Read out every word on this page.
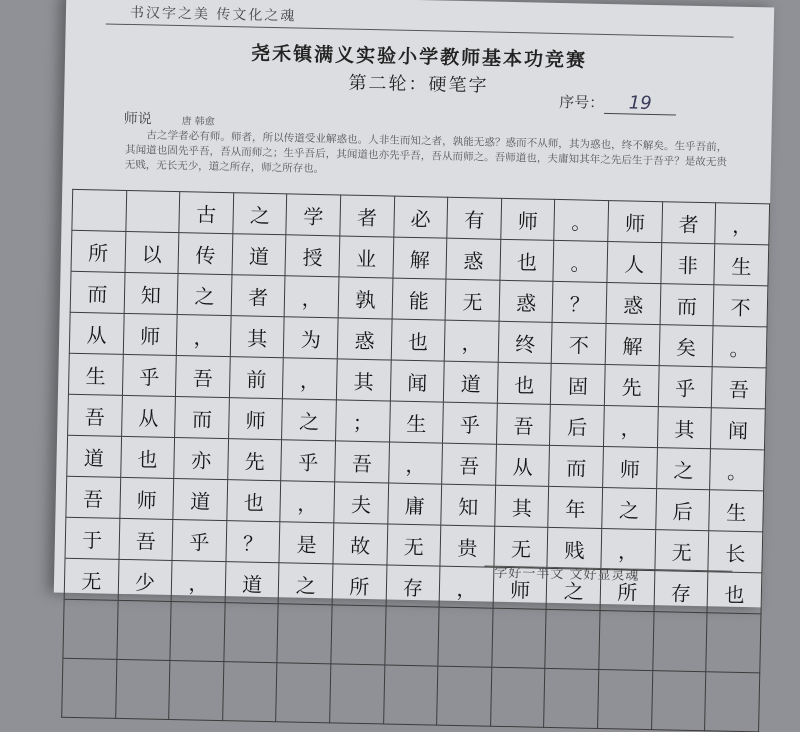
书汉字之美 传文化之魂
尧禾镇满义实验小学教师基本功竞赛
第二轮：硬笔字
序号： 19
师说	唐 韩愈
古之学者必有师。师者，所以传道受业解惑也。人非生而知之者，孰能无惑？惑而不从师，其为惑也，终不解矣。生乎吾前，其闻道也固先乎吾，吾从而师之；生乎吾后，其闻道也亦先乎吾，吾从而师之。吾师道也，夫庸知其年之先后生于吾乎？是故无贵无贱，无长无少，道之所存，师之所存也。

		古	之	学	者	必	有	师	。	师	者	，

所	以	传	道	授	业	解	惑	也	。	人	非	生

而	知	之	者	，	孰	能	无	惑	？	惑	而	不

从	师	，	其	为	惑	也	，	终	不	解	矣	。

生	乎	吾	前	，	其	闻	道	也	固	先	乎	吾

吾	从	而	师	之	；	生	乎	吾	后	，	其	闻

道	也	亦	先	乎	吾	，	吾	从	而	师	之	。

吾	师	道	也	，	夫	庸	知	其	年	之	后	生

于	吾	乎	？	是	故	无	贵	无	贱	，	无	长

无	少	，	道	之	所	存	，	师	之	所	存	也

字好一半文 文好显灵魂
